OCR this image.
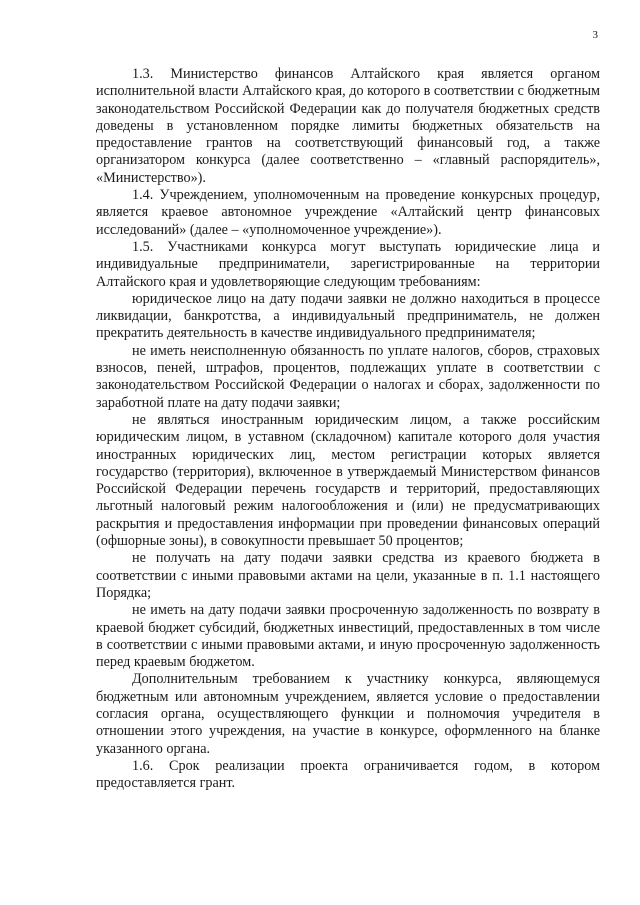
3

1.3. Министерство финансов Алтайского края является органом исполнительной власти Алтайского края, до которого в соответствии с бюджетным законодательством Российской Федерации как до получателя бюджетных средств доведены в установленном порядке лимиты бюджетных обязательств на предоставление грантов на соответствующий финансовый год, а также организатором конкурса (далее соответственно – «главный распорядитель», «Министерство»).

1.4. Учреждением, уполномоченным на проведение конкурсных процедур, является краевое автономное учреждение «Алтайский центр финансовых исследований» (далее – «уполномоченное учреждение»).

1.5. Участниками конкурса могут выступать юридические лица и индивидуальные предприниматели, зарегистрированные на территории Алтайского края и удовлетворяющие следующим требованиям:

юридическое лицо на дату подачи заявки не должно находиться в процессе ликвидации, банкротства, а индивидуальный предприниматель, не должен прекратить деятельность в качестве индивидуального предпринимателя;

не иметь неисполненную обязанность по уплате налогов, сборов, страховых взносов, пеней, штрафов, процентов, подлежащих уплате в соответствии с законодательством Российской Федерации о налогах и сборах, задолженности по заработной плате на дату подачи заявки;

не являться иностранным юридическим лицом, а также российским юридическим лицом, в уставном (складочном) капитале которого доля участия иностранных юридических лиц, местом регистрации которых является государство (территория), включенное в утверждаемый Министерством финансов Российской Федерации перечень государств и территорий, предоставляющих льготный налоговый режим налогообложения и (или) не предусматривающих раскрытия и предоставления информации при проведении финансовых операций (офшорные зоны), в совокупности превышает 50 процентов;

не получать на дату подачи заявки средства из краевого бюджета в соответствии с иными правовыми актами на цели, указанные в п. 1.1 настоящего Порядка;

не иметь на дату подачи заявки просроченную задолженность по возврату в краевой бюджет субсидий, бюджетных инвестиций, предоставленных в том числе в соответствии с иными правовыми актами, и иную просроченную задолженность перед краевым бюджетом.

Дополнительным требованием к участнику конкурса, являющемуся бюджетным или автономным учреждением, является условие о предоставлении согласия органа, осуществляющего функции и полномочия учредителя в отношении этого учреждения, на участие в конкурсе, оформленного на бланке указанного органа.

1.6. Срок реализации проекта ограничивается годом, в котором предоставляется грант.
